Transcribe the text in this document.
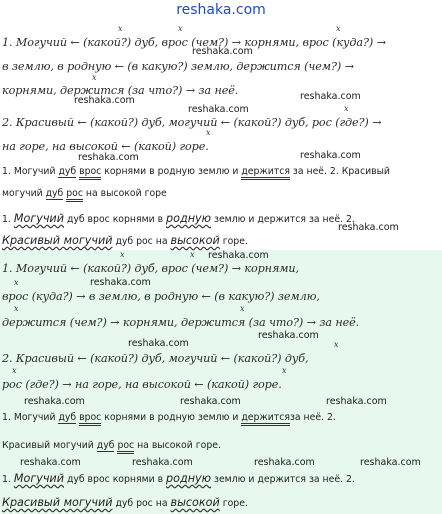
reshaka.com
1. Могучий ← (какой?) дуб, врос (чем?) → корнями, врос (куда?) →
в землю, в родную ← (в какую?) землю, держится (чем?) →
корнями, держится (за что?) → за неё.
2. Красивый ← (какой?) дуб, могучий ← (какой?) дуб, рос (где?) →
на горе, на высокой ← (какой) горе.
1. Могучий дуб врос корнями в родную землю и держится за неё. 2. Красивый
могучий дуб рос на высокой горе
1. Могучий дуб врос корнями в родную землю и держится за неё. 2.
Красивый могучий дуб рос на высокой горе.
1. Могучий ← (какой?) дуб, врос (чем?) → корнями,
врос (куда?) → в землю, в родную ← (в какую?) землю,
держится (чем?) → корнями, держится (за что?) → за неё.
2. Красивый ← (какой?) дуб, могучий ← (какой?) дуб,
рос (где?) → на горе, на высокой ← (какой) горе.
1. Могучий дуб врос корнями в родную землю и держитсяза неё. 2.
Красивый могучий дуб рос на высокой горе.
1. Могучий дуб врос корнями в родную землю и держится за неё. 2.
Красивый могучий дуб рос на высокой горе.
x	x	x
x
x
x
x	x
x
x	x
x
x	x
reshaka.com
reshaka.com
reshaka.com
reshaka.com
reshaka.com	reshaka.com
reshaka.com
reshaka.com
reshaka.com
reshaka.com
reshaka.com
reshaka.com	reshaka.com	reshaka.com
reshaka.com	reshaka.com	reshaka.com	reshaka.com
